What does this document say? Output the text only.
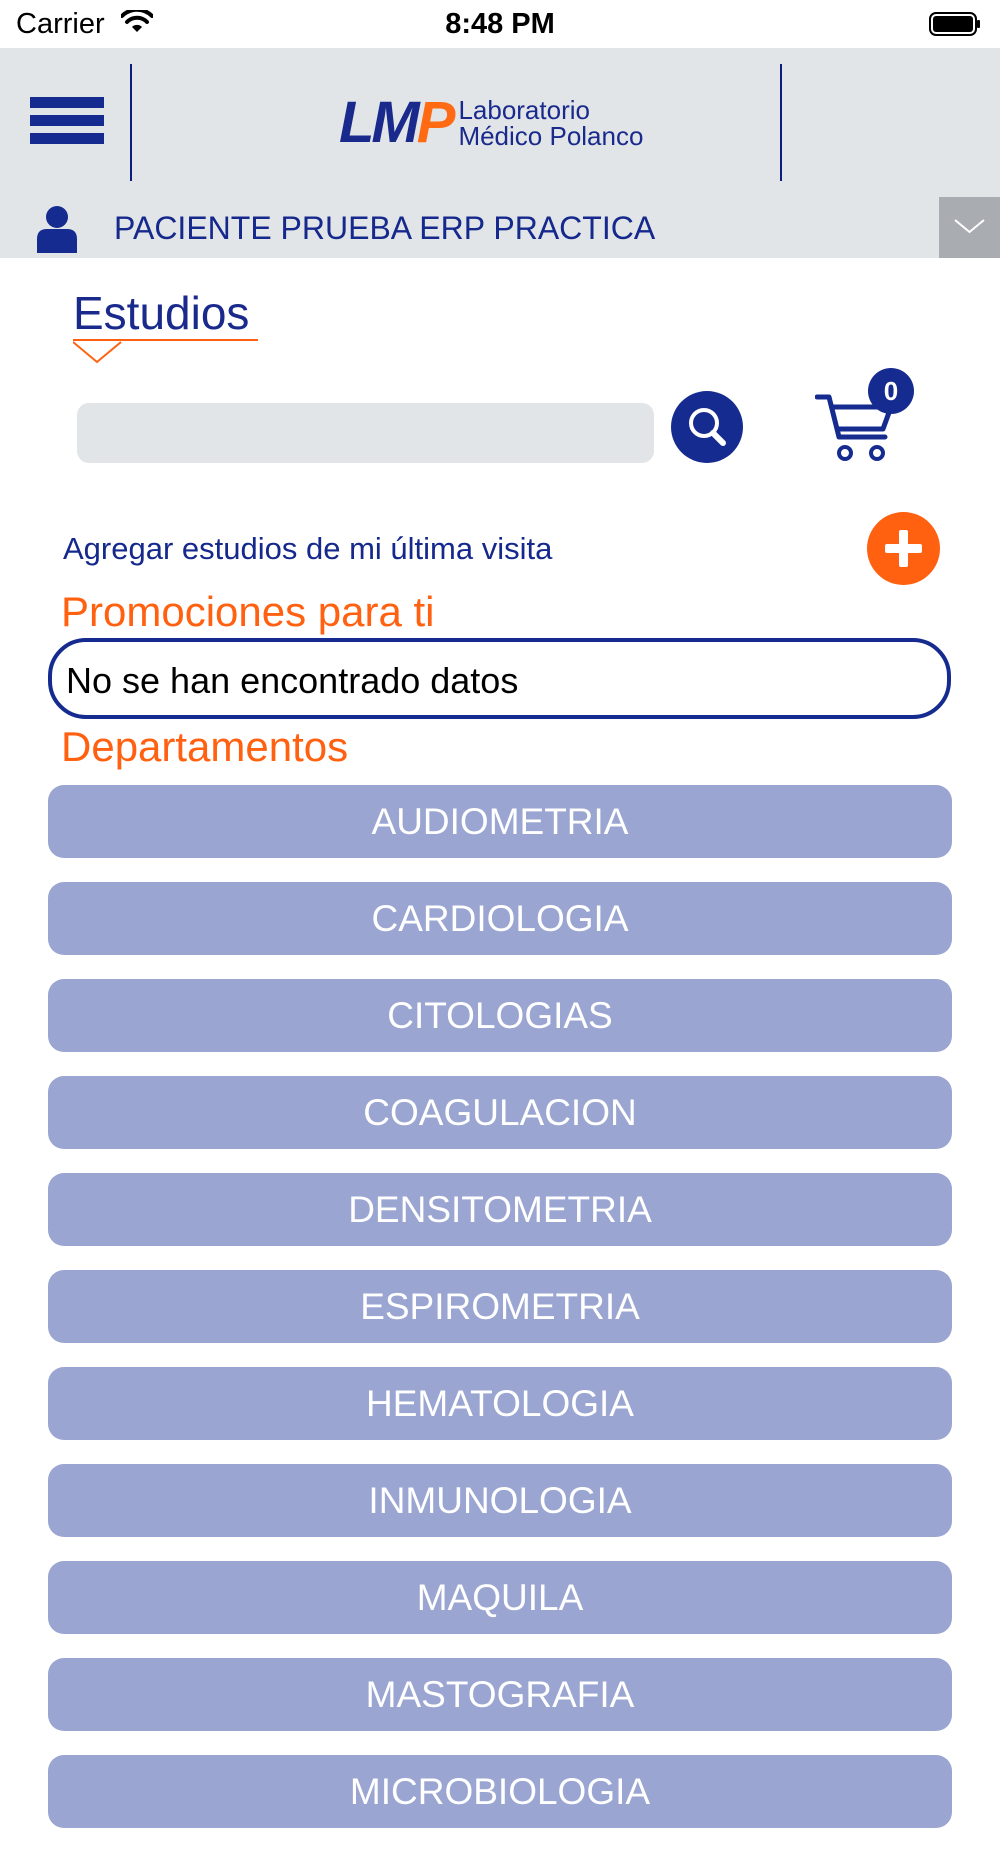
Carrier	8:48 PM
LMP Laboratorio
Médico Polanco
PACIENTE PRUEBA ERP PRACTICA
Estudios
0
Agregar estudios de mi última visita
Promociones para ti
No se han encontrado datos
Departamentos
AUDIOMETRIA
CARDIOLOGIA
CITOLOGIAS
COAGULACION
DENSITOMETRIA
ESPIROMETRIA
HEMATOLOGIA
INMUNOLOGIA
MAQUILA
MASTOGRAFIA
MICROBIOLOGIA
